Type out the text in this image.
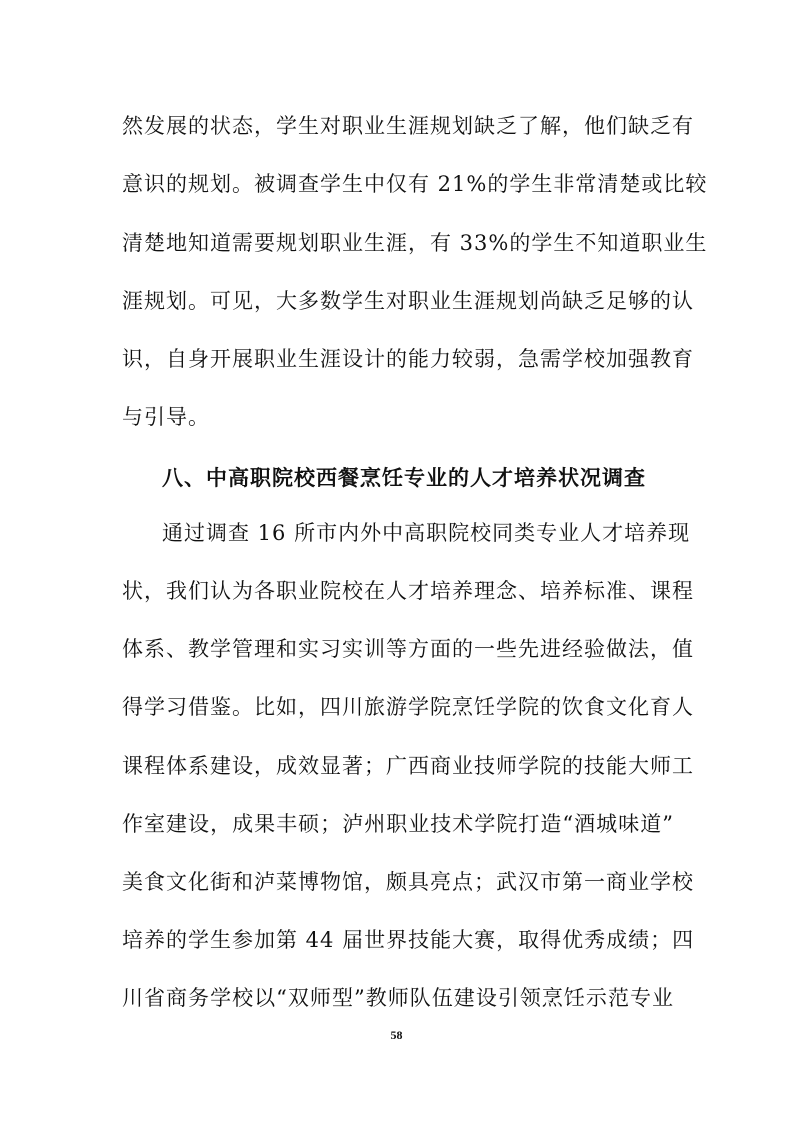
然发展的状态，学生对职业生涯规划缺乏了解，他们缺乏有
意识的规划。被调查学生中仅有 21%的学生非常清楚或比较
清楚地知道需要规划职业生涯，有 33%的学生不知道职业生
涯规划。可见，大多数学生对职业生涯规划尚缺乏足够的认
识，自身开展职业生涯设计的能力较弱，急需学校加强教育
与引导。
八、中高职院校西餐烹饪专业的人才培养状况调查
通过调查 16 所市内外中高职院校同类专业人才培养现
状，我们认为各职业院校在人才培养理念、培养标准、课程
体系、教学管理和实习实训等方面的一些先进经验做法，值
得学习借鉴。比如，四川旅游学院烹饪学院的饮食文化育人
课程体系建设，成效显著；广西商业技师学院的技能大师工
作室建设，成果丰硕；泸州职业技术学院打造“酒城味道”
美食文化街和泸菜博物馆，颇具亮点；武汉市第一商业学校
培养的学生参加第 44 届世界技能大赛，取得优秀成绩；四
川省商务学校以“双师型”教师队伍建设引领烹饪示范专业
58
